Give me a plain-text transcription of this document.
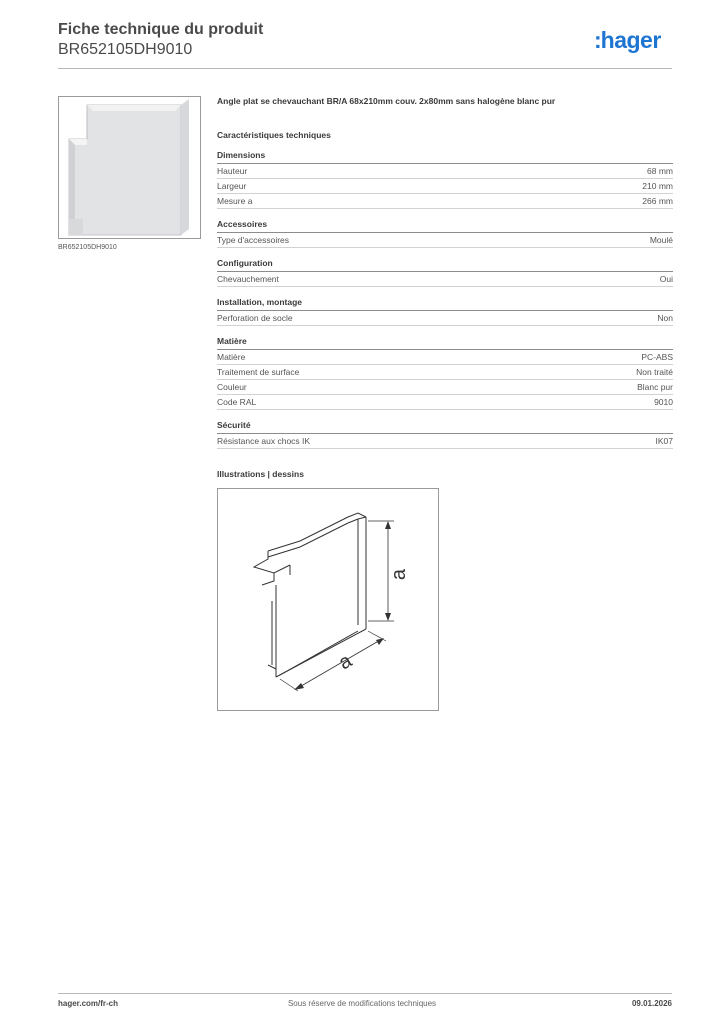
Fiche technique du produit
BR652105DH9010	:hager
BR652105DH9010
Angle plat se chevauchant BR/A 68x210mm couv. 2x80mm sans halogène blanc pur
Caractéristiques techniques
Dimensions
Hauteur	68 mm
Largeur	210 mm
Mesure a	266 mm
Accessoires
Type d'accessoires	Moulé
Configuration
Chevauchement	Oui
Installation, montage
Perforation de socle	Non
Matière
Matière	PC-ABS
Traitement de surface	Non traité
Couleur	Blanc pur
Code RAL	9010
Sécurité
Résistance aux chocs IK	IK07
Illustrations | dessins
a
a
hager.com/fr-ch	Sous réserve de modifications techniques	09.01.2026
